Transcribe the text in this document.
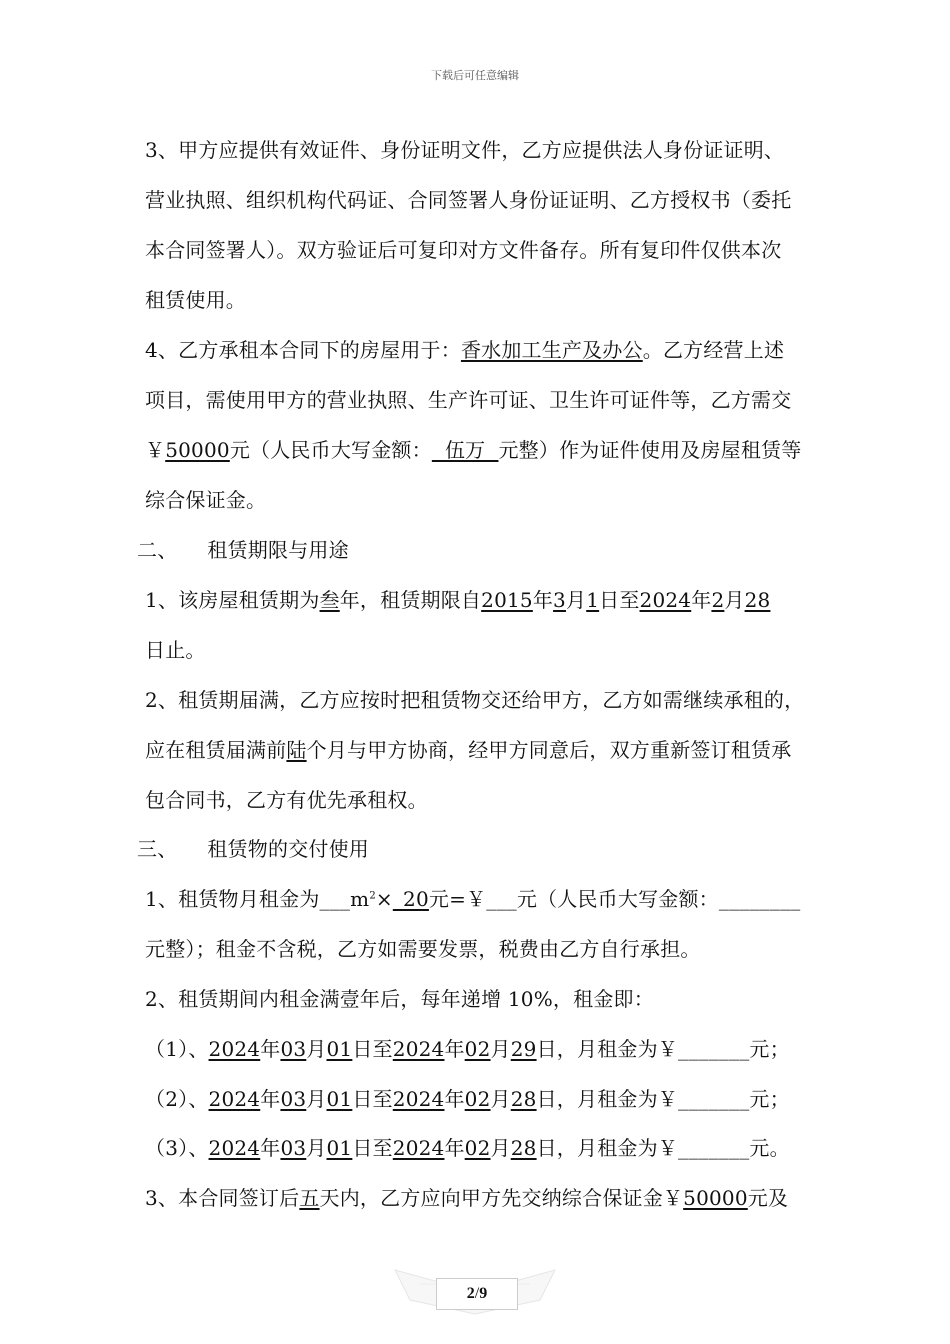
下载后可任意编辑
3、甲方应提供有效证件、身份证明文件，乙方应提供法人身份证证明、
营业执照、组织机构代码证、合同签署人身份证证明、乙方授权书（委托
本合同签署人）。双方验证后可复印对方文件备存。所有复印件仅供本次
租赁使用。
4、乙方承租本合同下的房屋用于：香水加工生产及办公。乙方经营上述
项目，需使用甲方的营业执照、生产许可证、卫生许可证件等，乙方需交
￥50000元（人民币大写金额：  伍万  元整）作为证件使用及房屋租赁等
综合保证金。
二、 租赁期限与用途
1、该房屋租赁期为叁年，租赁期限自2015年3月1日至2024年2月28
日止。
2、租赁期届满，乙方应按时把租赁物交还给甲方，乙方如需继续承租的，
应在租赁届满前陆个月与甲方协商，经甲方同意后，双方重新签订租赁承
包合同书，乙方有优先承租权。
三、 租赁物的交付使用
1、租赁物月租金为$\_\_\_m^2\times\_20$元=￥___元（人民币大写金额：________
元整）；租金不含税，乙方如需要发票，税费由乙方自行承担。
2、租赁期间内租金满壹年后，每年递增 10%，租金即：
（1）、2024年03月01日至2024年02月29日，月租金为￥_______元；
（2）、2024年03月01日至2024年02月28日，月租金为￥_______元；
（3）、2024年03月01日至2024年02月28日，月租金为￥_______元。
3、本合同签订后五天内，乙方应向甲方先交纳综合保证金￥50000元及
2/9
